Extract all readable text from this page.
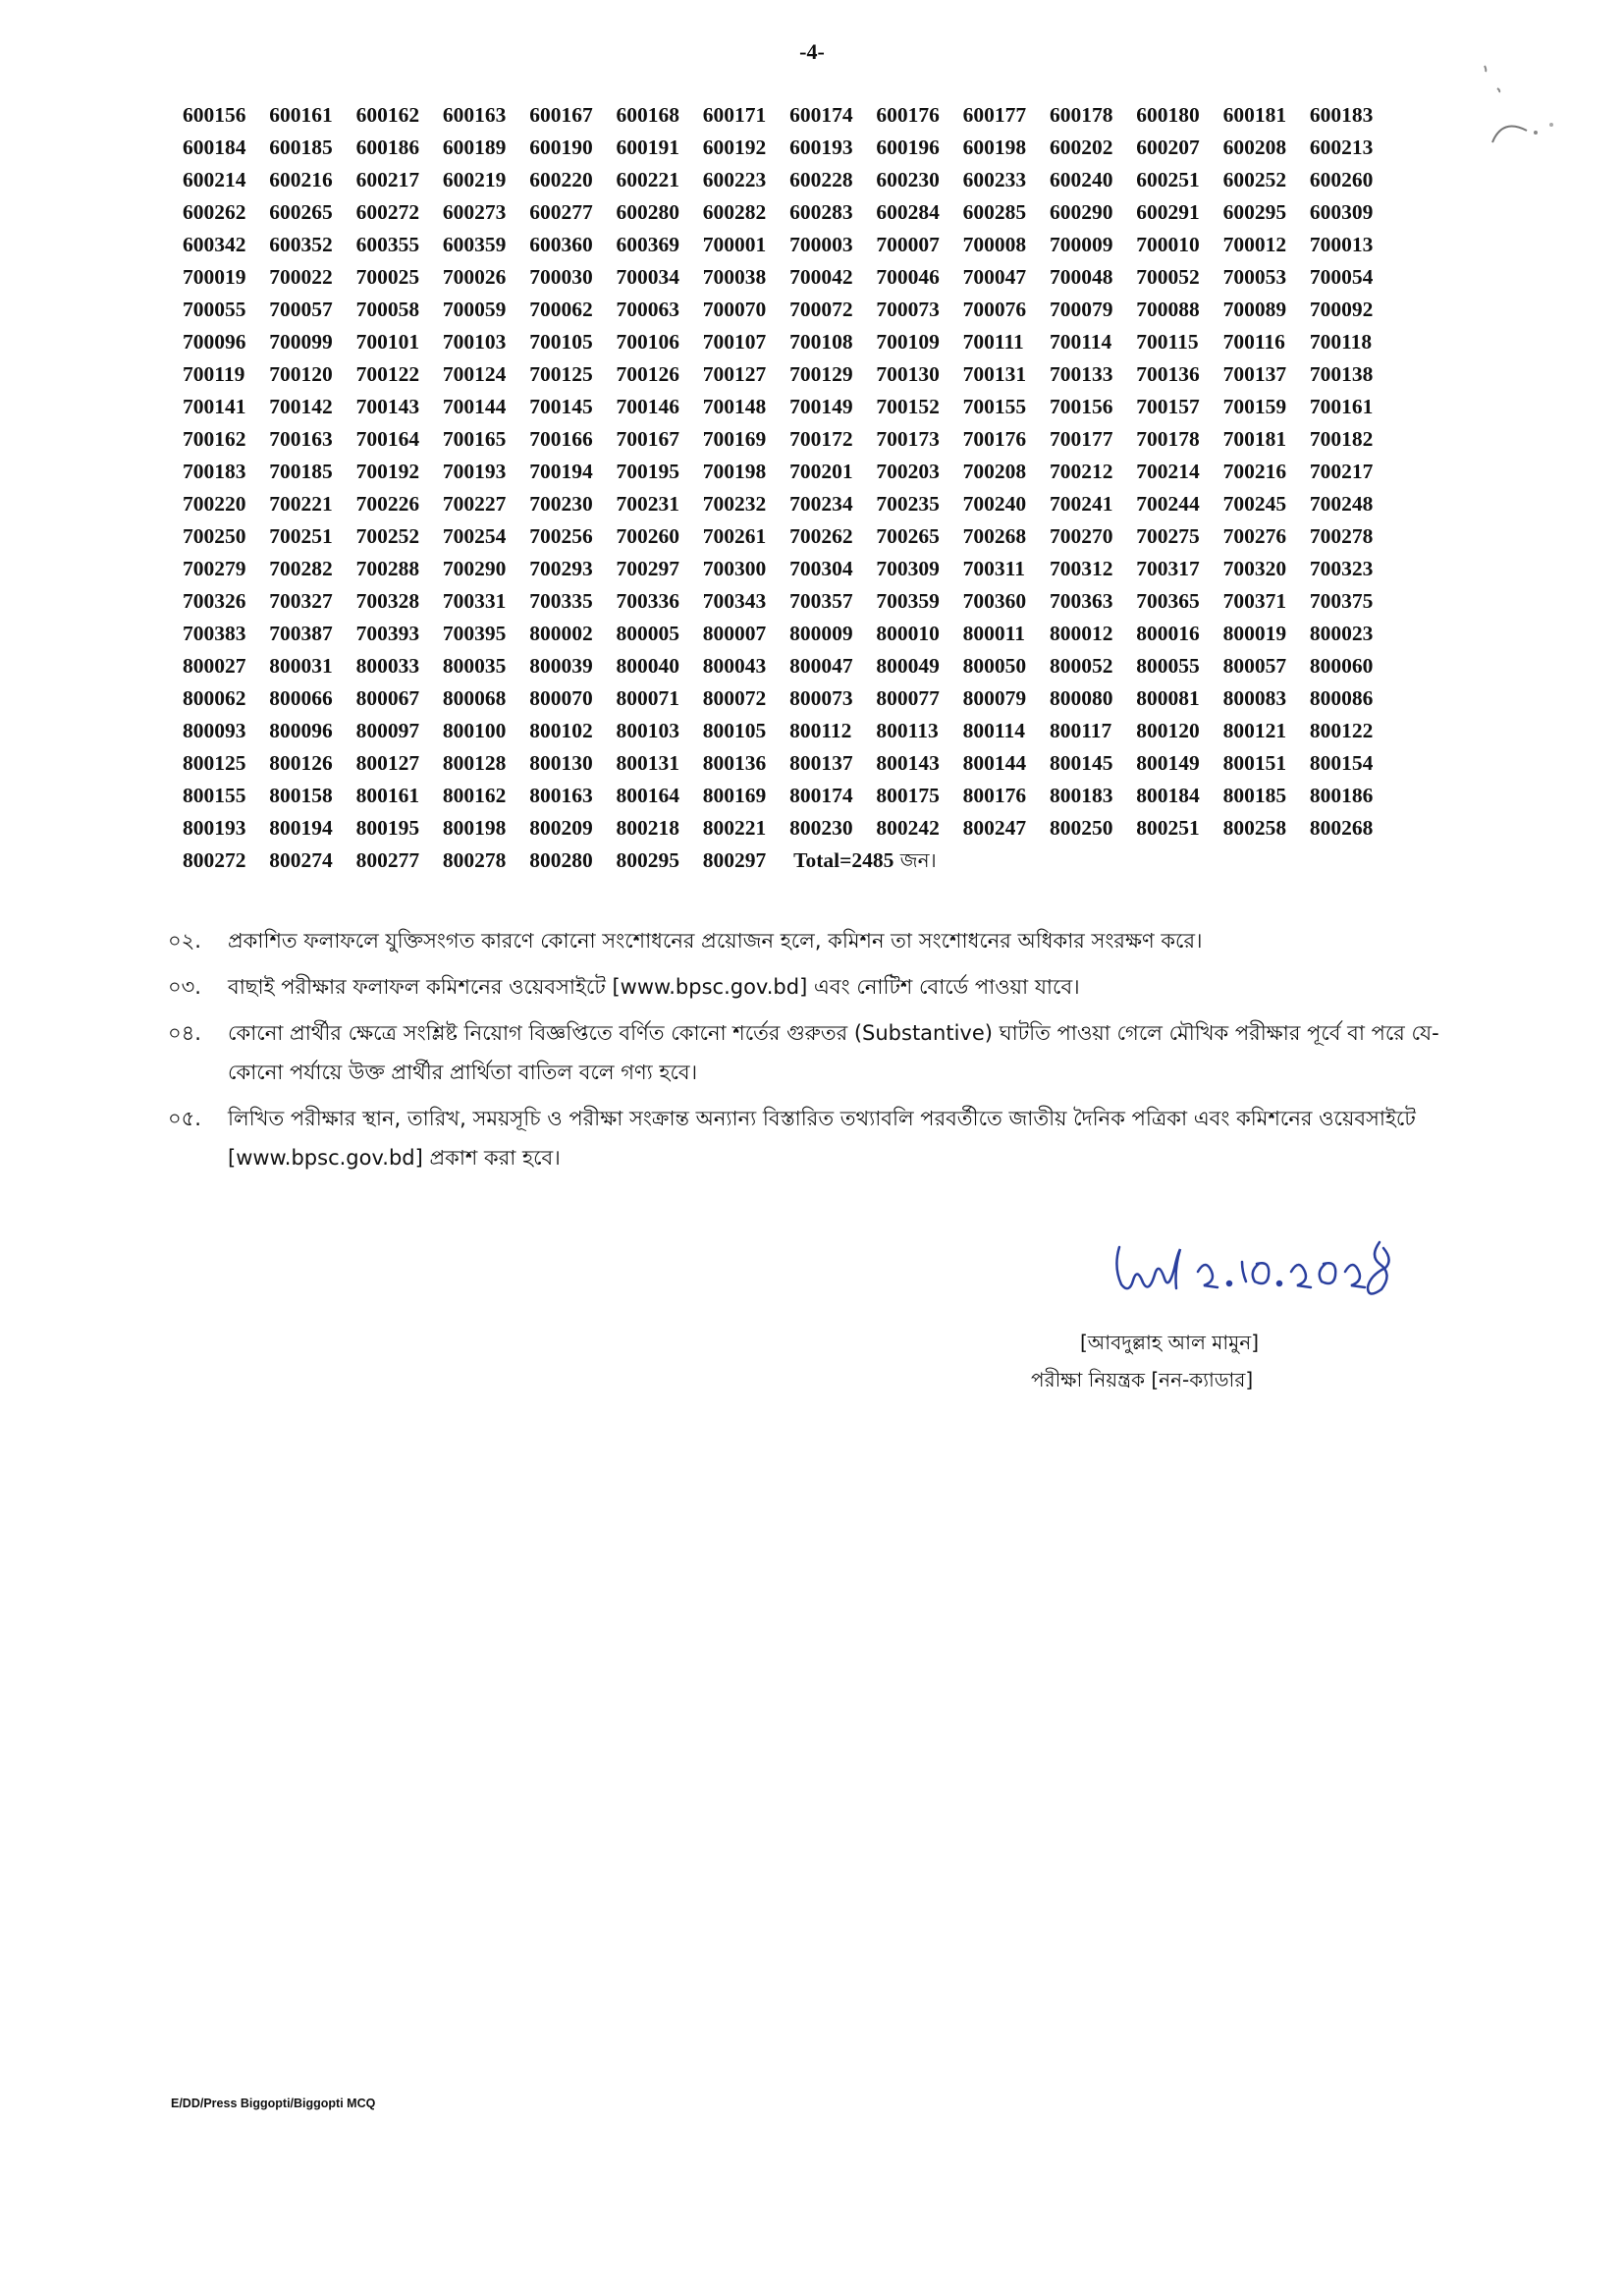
-4-
600156	600161	600162	600163	600167	600168	600171	600174	600176	600177	600178	600180	600181	600183
600184	600185	600186	600189	600190	600191	600192	600193	600196	600198	600202	600207	600208	600213
600214	600216	600217	600219	600220	600221	600223	600228	600230	600233	600240	600251	600252	600260
600262	600265	600272	600273	600277	600280	600282	600283	600284	600285	600290	600291	600295	600309
600342	600352	600355	600359	600360	600369	700001	700003	700007	700008	700009	700010	700012	700013
700019	700022	700025	700026	700030	700034	700038	700042	700046	700047	700048	700052	700053	700054
700055	700057	700058	700059	700062	700063	700070	700072	700073	700076	700079	700088	700089	700092
700096	700099	700101	700103	700105	700106	700107	700108	700109	700111	700114	700115	700116	700118
700119	700120	700122	700124	700125	700126	700127	700129	700130	700131	700133	700136	700137	700138
700141	700142	700143	700144	700145	700146	700148	700149	700152	700155	700156	700157	700159	700161
700162	700163	700164	700165	700166	700167	700169	700172	700173	700176	700177	700178	700181	700182
700183	700185	700192	700193	700194	700195	700198	700201	700203	700208	700212	700214	700216	700217
700220	700221	700226	700227	700230	700231	700232	700234	700235	700240	700241	700244	700245	700248
700250	700251	700252	700254	700256	700260	700261	700262	700265	700268	700270	700275	700276	700278
700279	700282	700288	700290	700293	700297	700300	700304	700309	700311	700312	700317	700320	700323
700326	700327	700328	700331	700335	700336	700343	700357	700359	700360	700363	700365	700371	700375
700383	700387	700393	700395	800002	800005	800007	800009	800010	800011	800012	800016	800019	800023
800027	800031	800033	800035	800039	800040	800043	800047	800049	800050	800052	800055	800057	800060
800062	800066	800067	800068	800070	800071	800072	800073	800077	800079	800080	800081	800083	800086
800093	800096	800097	800100	800102	800103	800105	800112	800113	800114	800117	800120	800121	800122
800125	800126	800127	800128	800130	800131	800136	800137	800143	800144	800145	800149	800151	800154
800155	800158	800161	800162	800163	800164	800169	800174	800175	800176	800183	800184	800185	800186
800193	800194	800195	800198	800209	800218	800221	800230	800242	800247	800250	800251	800258	800268
800272	800274	800277	800278	800280	800295	800297	Total=2485 জন।
০২.	প্রকাশিত ফলাফলে যুক্তিসংগত কারণে কোনো সংশোধনের প্রয়োজন হলে, কমিশন তা সংশোধনের অধিকার সংরক্ষণ করে।
০৩.	বাছাই পরীক্ষার ফলাফল কমিশনের ওয়েবসাইটে [www.bpsc.gov.bd] এবং নোটিশ বোর্ডে পাওয়া যাবে।
০৪.	কোনো প্রার্থীর ক্ষেত্রে সংশ্লিষ্ট নিয়োগ বিজ্ঞপ্তিতে বর্ণিত কোনো শর্তের গুরুতর (Substantive) ঘাটতি পাওয়া গেলে মৌখিক পরীক্ষার পূর্বে বা পরে যে-কোনো পর্যায়ে উক্ত প্রার্থীর প্রার্থিতা বাতিল বলে গণ্য হবে।
০৫.	লিখিত পরীক্ষার স্থান, তারিখ, সময়সূচি ও পরীক্ষা সংক্রান্ত অন্যান্য বিস্তারিত তথ্যাবলি পরবর্তীতে জাতীয় দৈনিক পত্রিকা এবং কমিশনের ওয়েবসাইটে [www.bpsc.gov.bd] প্রকাশ করা হবে।
[আবদুল্লাহ আল মামুন]
পরীক্ষা নিয়ন্ত্রক [নন-ক্যাডার]
E/DD/Press Biggopti/Biggopti MCQ
